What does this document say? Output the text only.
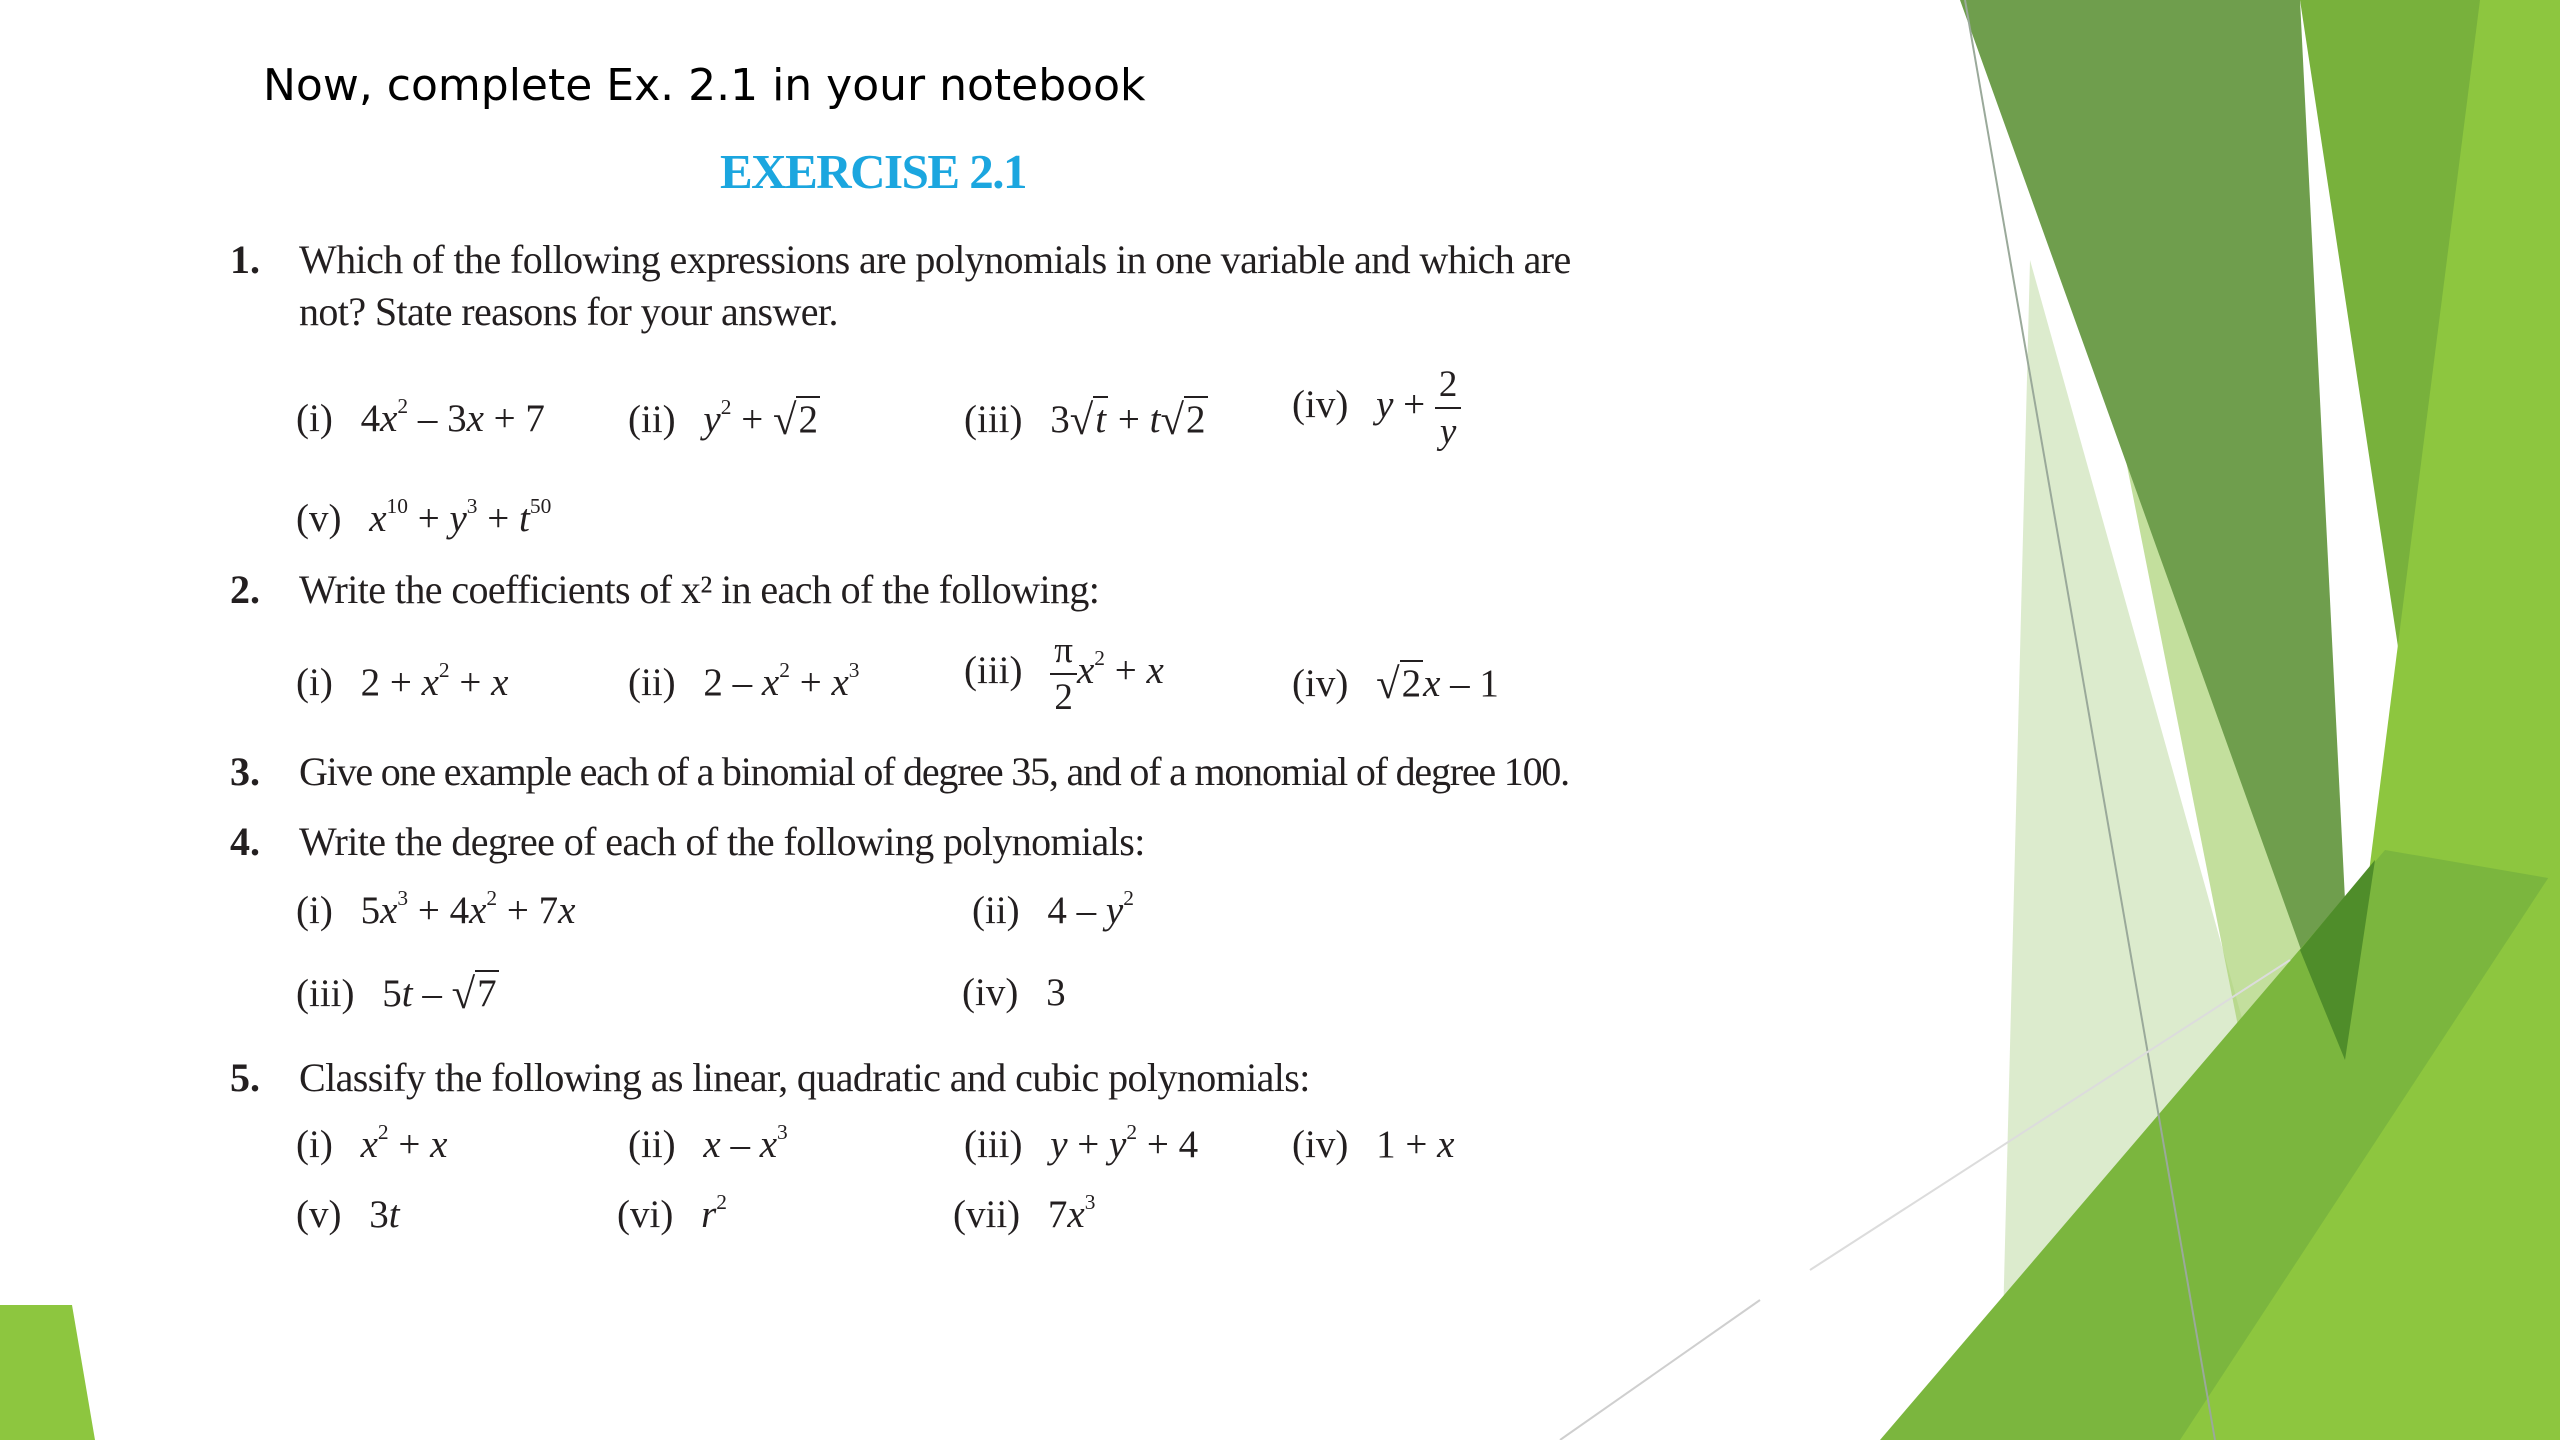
Now, complete Ex. 2.1 in your notebook
EXERCISE 2.1
1. Which of the following expressions are polynomials in one variable and which are
not? State reasons for your answer.
(i) $4x^2 - 3x + 7$ (ii) $y^2 + √2$	(iii) 3√t + t√2 (iv) $y + \frac{2}{y}$
(v) $x^{10} + y^3 + t^{50}$
2. Write the coefficients of x² in each of the following:
(i) $2 + x^2 + x$	(ii) $2 - x^2 + x^3$	$(iii) \frac{\pi}{2} x^2 + x$	(iv) √2x – 1
3. Give one example each of a binomial of degree 35, and of a monomial of degree 100.
4. Write the degree of each of the following polynomials:
(i) $5x^3 + 4x^2 + 7x$	(ii) $4 - y^2$
(iii) 5t – √7	(iv) 3
5. Classify the following as linear, quadratic and cubic polynomials:
(i) $x^2 + x$	(ii) x – $x^3$	(iii) $y + y^2 + 4$ (iv) 1 + x
(v) 3t	(vi) $r^2$	(vii) $7x^3$
